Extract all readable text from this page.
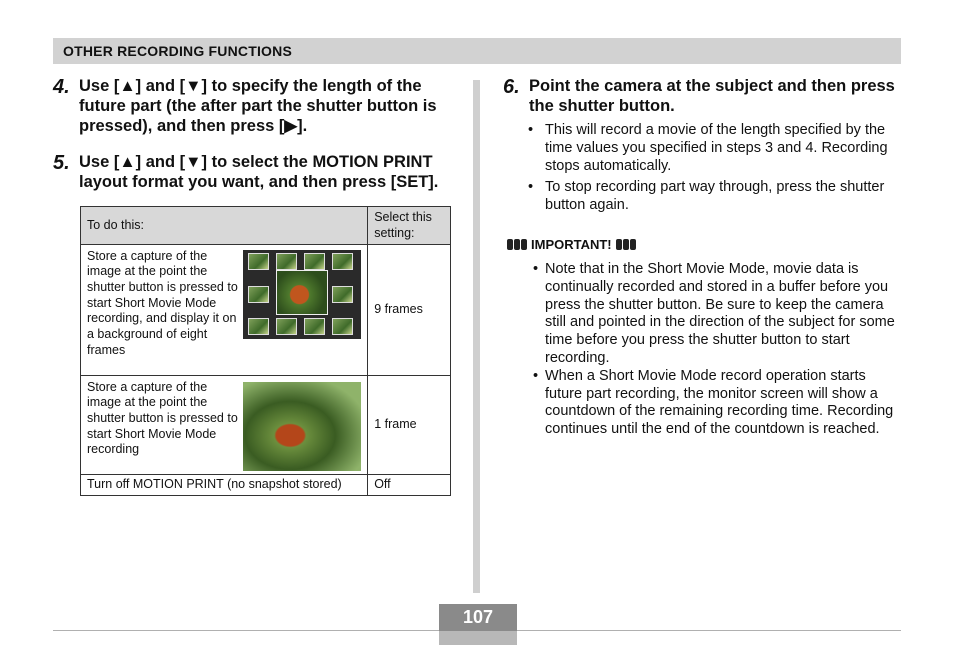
OTHER RECORDING FUNCTIONS
4. Use [▲] and [▼] to specify the length of the future part (the after part the shutter button is pressed), and then press [▶].
5. Use [▲] and [▼] to select the MOTION PRINT layout format you want, and then press [SET].
To do this:	Select this setting:

Store a capture of the image at the point the shutter button is pressed to start Short Movie Mode recording, and display it on a background of eight frames	9 frames

Store a capture of the image at the point the shutter button is pressed to start Short Movie Mode recording	1 frame
Turn off MOTION PRINT (no snapshot stored)	Off
6. Point the camera at the subject and then press the shutter button.
• This will record a movie of the length specified by the time values you specified in steps 3 and 4. Recording stops automatically.
• To stop recording part way through, press the shutter button again.
IMPORTANT!
• Note that in the Short Movie Mode, movie data is continually recorded and stored in a buffer before you press the shutter button. Be sure to keep the camera still and pointed in the direction of the subject for some time before you press the shutter button to start recording.
• When a Short Movie Mode record operation starts future part recording, the monitor screen will show a countdown of the remaining recording time. Recording continues until the end of the countdown is reached.
107
